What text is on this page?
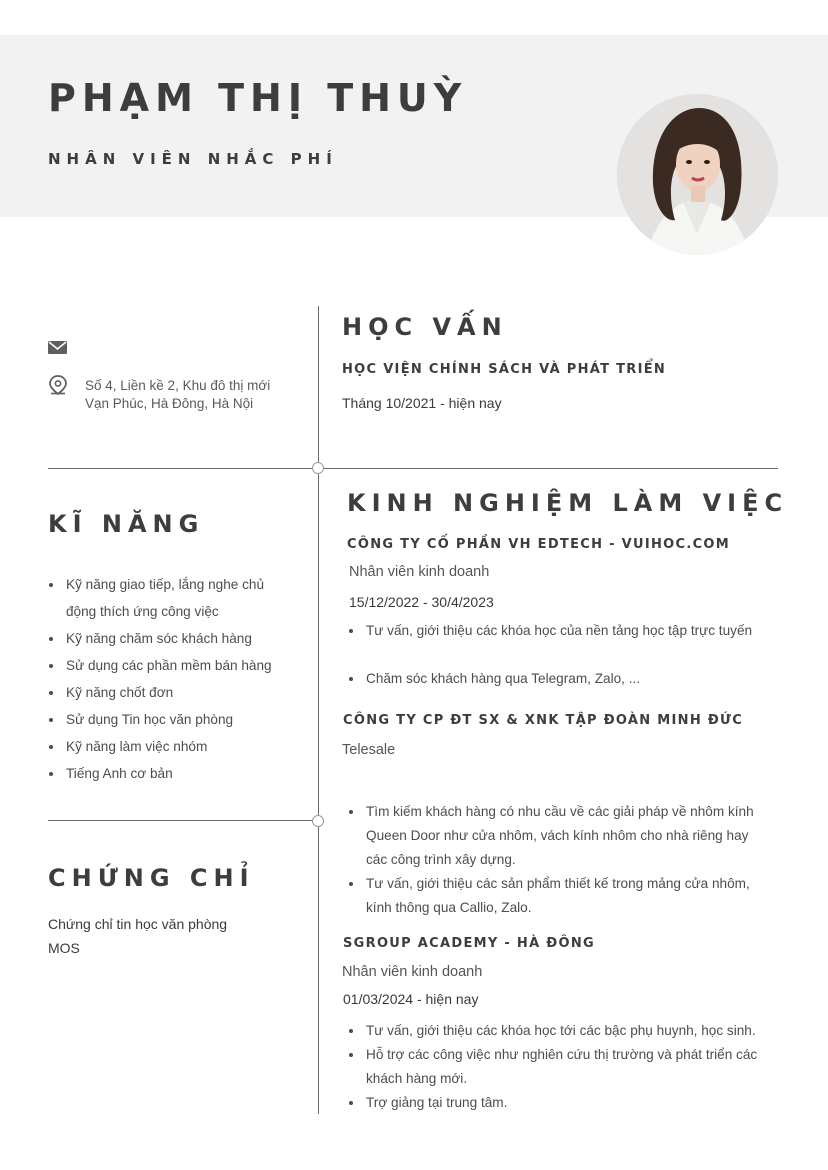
PHẠM THỊ THUỲ
NHÂN VIÊN NHẮC PHÍ
Số 4, Liền kề 2, Khu đô thị mới
Vạn Phúc, Hà Đông, Hà Nội
KĨ NĂNG
Kỹ năng giao tiếp, lắng nghe chủ
động thích ứng công việc
Kỹ năng chăm sóc khách hàng
Sử dụng các phần mềm bán hàng
Kỹ năng chốt đơn
Sử dụng Tin học văn phòng
Kỹ năng làm việc nhóm
Tiếng Anh cơ bản
CHỨNG CHỈ
Chứng chỉ tin học văn phòng
MOS
HỌC VẤN
HỌC VIỆN CHÍNH SÁCH VÀ PHÁT TRIỂN
Tháng 10/2021 - hiện nay
KINH NGHIỆM LÀM VIỆC
CÔNG TY CỐ PHẦN VH EDTECH - VUIHOC.COM
Nhân viên kinh doanh
15/12/2022 - 30/4/2023
Tư vấn, giới thiệu các khóa học của nền tảng học tập trực tuyến
Chăm sóc khách hàng qua Telegram, Zalo, ...
CÔNG TY CP ĐT SX & XNK TẬP ĐOÀN MINH ĐỨC
Telesale
Tìm kiếm khách hàng có nhu cầu về các giải pháp về nhôm kính
Queen Door như cửa nhôm, vách kính nhôm cho nhà riêng hay
các công trình xây dựng.
Tư vấn, giới thiệu các sản phẩm thiết kế trong mảng cửa nhôm,
kính thông qua Callio, Zalo.
SGROUP ACADEMY - HÀ ĐÔNG
Nhân viên kinh doanh
01/03/2024 - hiện nay
Tư vấn, giới thiệu các khóa học tới các bậc phụ huynh, học sinh.
Hỗ trợ các công việc như nghiên cứu thị trường và phát triển các
khách hàng mới.
Trợ giảng tại trung tâm.
